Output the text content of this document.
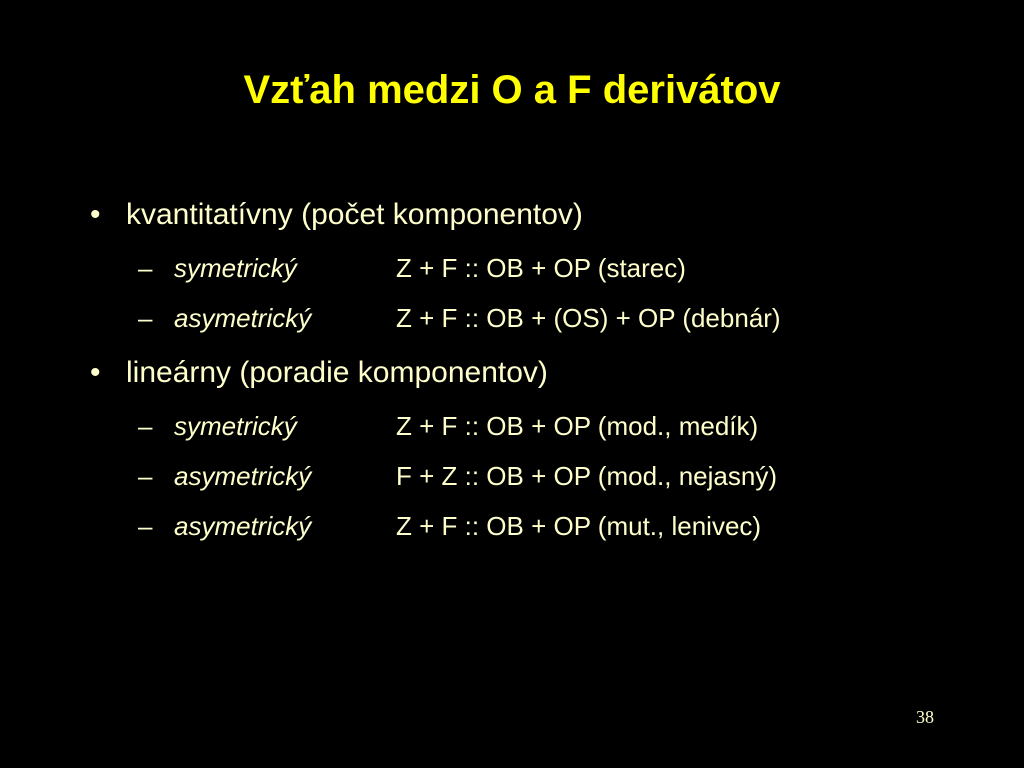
Vzťah medzi O a F derivátov
• kvantitatívny (počet komponentov)
– symetrický	Z + F :: OB + OP (starec)
– asymetrický	Z + F :: OB + (OS) + OP (debnár)
• lineárny (poradie komponentov)
– symetrický	Z + F :: OB + OP (mod., medík)
– asymetrický	F + Z :: OB + OP (mod., nejasný)
– asymetrický	Z + F :: OB + OP (mut., lenivec)
38
